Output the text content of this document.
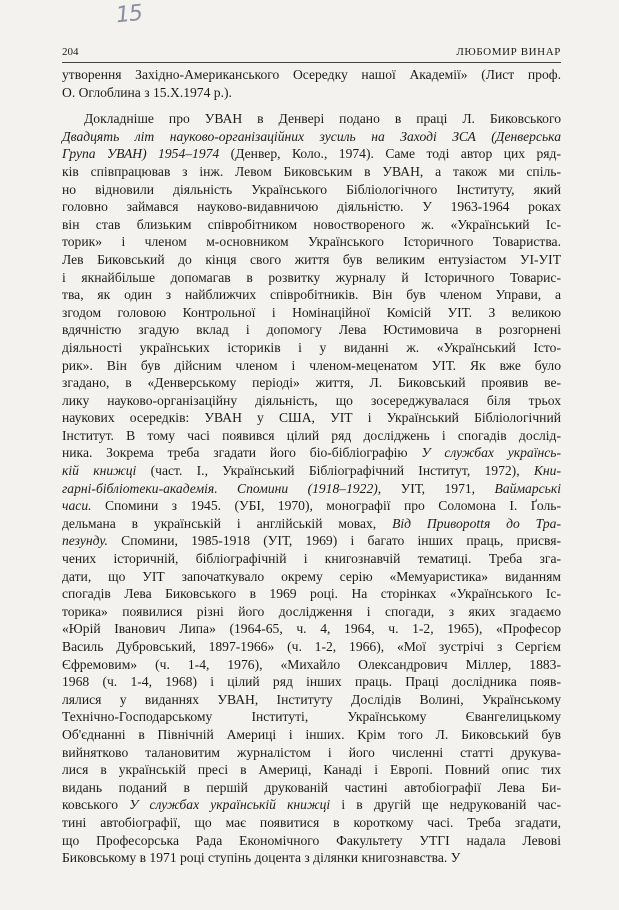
15
204	ЛЮБОМИР ВИНАР
утворення Західно-Американського Осередку нашої Академії» (Лист проф.
О. Оглоблина з 15.X.1974 р.).
Докладніше про УВАН в Денвері подано в праці Л. Биковського
Двадцять літ науково-організаційних зусиль на Заході ЗСА (Денверська
Група УВАН) 1954–1974 (Денвер, Коло., 1974). Саме тоді автор цих ряд-
ків співпрацював з інж. Левом Биковським в УВАН, а також ми спіль-
но відновили діяльність Українського Бібліологічного Інституту, який
головно займався науково-видавничою діяльністю. У 1963-1964 роках
він став близьким співробітником новоствореного ж. «Український Іс-
торик» і членом м-основником Українського Історичного Товариства.
Лев Биковський до кінця свого життя був великим ентузіастом УІ-УІТ
і якнайбільше допомагав в розвитку журналу й Історичного Товарис-
тва, як один з найближчих співробітників. Він був членом Управи, а
згодом головою Контрольної і Номінаційної Комісій УІТ. З великою
вдячністю згадую вклад і допомогу Лева Юстимовича в розгорнені
діяльності українських істориків і у виданні ж. «Український Істо-
рик». Він був дійсним членом і членом-меценатом УІТ. Як вже було
згадано, в «Денверському періоді» життя, Л. Биковський проявив ве-
лику науково-організаційну діяльність, що зосереджувалася біля трьох
наукових осередків: УВАН у США, УІТ і Український Бібліологічний
Інститут. В тому часі появився цілий ряд досліджень і спогадів дослід-
ника. Зокрема треба згадати його біо-бібліографію У службах українсь-
кій книжці (част. І., Український Бібліографічний Інститут, 1972), Кни-
гарні-бібліотеки-академія. Спомини (1918–1922), УІТ, 1971, Ваймарські
часи. Спомини з 1945. (УБІ, 1970), монографії про Соломона І. Ґоль-
дельмана в українській і англійській мовах, Від Приворottя до Тра-
пезунду. Спомини, 1985-1918 (УІТ, 1969) і багато інших праць, присвя-
чених історичній, бібліографічній і книгознавчій тематиці. Треба зга-
дати, що УІТ започаткувало окрему серію «Мемуаристика» виданням
спогадів Лева Биковського в 1969 році. На сторінках «Українського Іс-
торика» появилися різні його дослідження і спогади, з яких згадаємо
«Юрій Іванович Липа» (1964-65, ч. 4, 1964, ч. 1-2, 1965), «Професор
Василь Дубровський, 1897-1966» (ч. 1-2, 1966), «Мої зустрічі з Сергієм
Єфремовим» (ч. 1-4, 1976), «Михайло Олександрович Міллер, 1883-
1968 (ч. 1-4, 1968) і цілий ряд інших праць. Праці дослідника появ-
лялися у виданнях УВАН, Інституту Дослідів Волині, Українському
Технічно-Господарському Інституті, Українському Євангелицькому
Об'єднанні в Північній Америці і інших. Крім того Л. Биковський був
вийнятково талановитим журналістом і його численні статті друкува-
лися в українській пресі в Америці, Канаді і Европі. Повний опис тих
видань поданий в першій друкованій частині автобіографії Лева Би-
ковського У службах українській книжці і в другій ще недрукованій час-
тині автобіографії, що має появитися в короткому часі. Треба згадати,
що Професорська Рада Економічного Факультету УТГІ надала Левові
Биковському в 1971 році ступінь доцента з ділянки книгознавства. У
